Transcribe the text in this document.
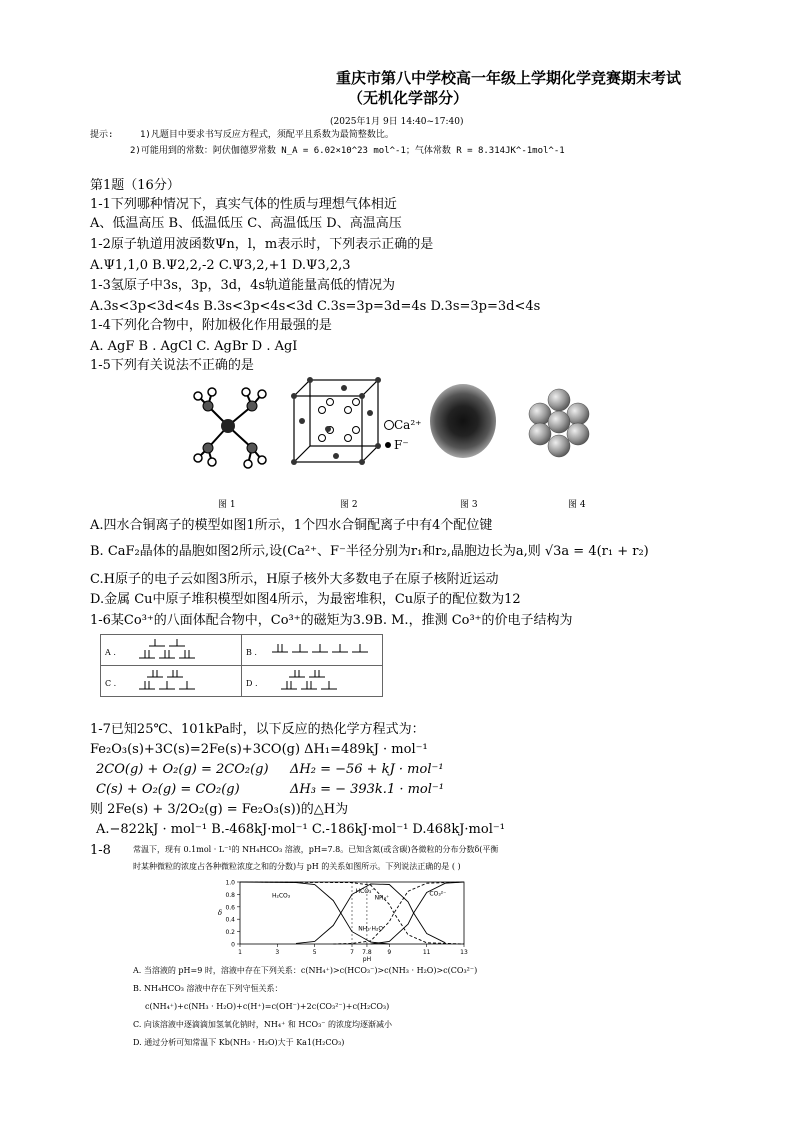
重庆市第八中学校高一年级上学期化学竞赛期末考试
（无机化学部分）
(2025年1月 9日 14:40~17:40)
提示:	1)凡题目中要求书写反应方程式，须配平且系数为最简整数比。
2)可能用到的常数：阿伏伽德罗常数 N_A = 6.02×10^23 mol^-1；气体常数 R = 8.314JK^-1mol^-1
第1题（16分）
1-1下列哪种情况下，真实气体的性质与理想气体相近
A、低温高压 B、低温低压 C、高温低压 D、高温高压
1-2原子轨道用波函数Ψn，l，m表示时，下列表示正确的是
A.Ψ1,1,0 B.Ψ2,2,-2 C.Ψ3,2,+1 D.Ψ3,2,3
1-3氢原子中3s，3p，3d，4s轨道能量高低的情况为
A.3s<3p<3d<4s B.3s<3p<4s<3d C.3s=3p=3d=4s D.3s=3p=3d<4s
1-4下列化合物中，附加极化作用最强的是
A. AgF B . AgCl C. AgBr D . AgI
1-5下列有关说法不正确的是
Ca²⁺
F⁻
图 1	图 2	图 3	图 4
A.四水合铜离子的模型如图1所示，1个四水合铜配离子中有4个配位键
B. CaF₂晶体的晶胞如图2所示,设(Ca²⁺、F⁻半径分别为r₁和r₂,晶胞边长为a,则 √3a = 4(r₁ + r₂)
C.H原子的电子云如图3所示，H原子核外大多数电子在原子核附近运动
D.金属 Cu中原子堆积模型如图4所示，为最密堆积，Cu原子的配位数为12
1-6某Co³⁺的八面体配合物中，Co³⁺的磁矩为3.9B. M.，推测 Co³⁺的价电子结构为
A .	B .
C .	D .
1-7已知25℃、101kPa时，以下反应的热化学方程式为：
Fe₂O₃(s)+3C(s)=2Fe(s)+3CO(g) ΔH₁=489kJ · mol⁻¹
2CO(g) + O₂(g) = 2CO₂(g) ΔH₂ = −56 + kJ · mol⁻¹
C(s) + O₂(g) = CO₂(g)	ΔH₃ = − 393k.1 · mol⁻¹
则 2Fe(s) + 3/2O₂(g) = Fe₂O₃(s))的△H为
A.−822kJ · mol⁻¹ B.-468kJ·mol⁻¹ C.-186kJ·mol⁻¹ D.468kJ·mol⁻¹
1-8	常温下，现有 0.1mol · L⁻¹的 NH₄HCO₃ 溶液，pH=7.8。已知含氮(或含碳)各微粒的分布分数δ(平衡
时某种微粒的浓度占各种微粒浓度之和的分数)与 pH 的关系如图所示。下列说法正确的是 ( )
0
0.2
0.4
0.6
0.8
1.0
1	3	5	7 7.8	9	11	13
pH
δ
H₂CO₃
HCO₃⁻	CO₃²⁻
NH₄⁺
NH₃·H₂O
A. 当溶液的 pH=9 时，溶液中存在下列关系：c(NH₄⁺)>c(HCO₃⁻)>c(NH₃ · H₂O)>c(CO₃²⁻)
B. NH₄HCO₃ 溶液中存在下列守恒关系：
c(NH₄⁺)+c(NH₃ · H₂O)+c(H⁺)=c(OH⁻)+2c(CO₃²⁻)+c(H₂CO₃)
C. 向该溶液中逐滴滴加氢氧化钠时，NH₄⁺ 和 HCO₃⁻ 的浓度均逐渐减小
D. 通过分析可知常温下 Kb(NH₃ · H₂O)大于 Ka1(H₂CO₃)
